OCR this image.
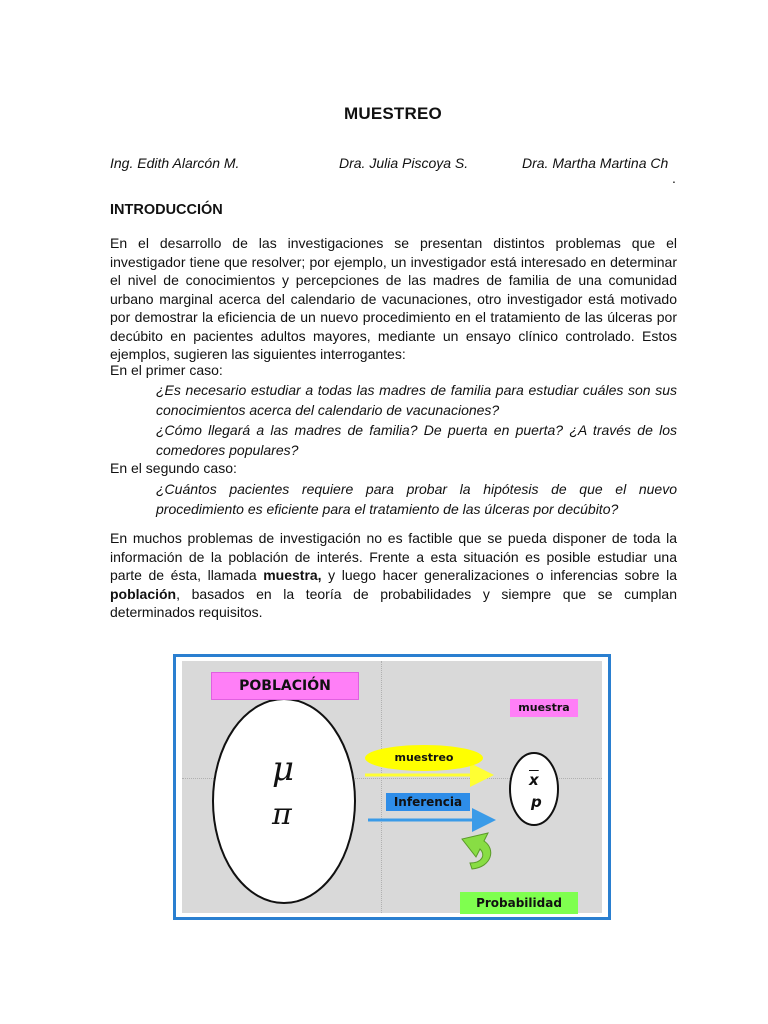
MUESTREO
Ing. Edith Alarcón M.	Dra. Julia Piscoya S.	Dra. Martha Martina Ch
.
INTRODUCCIÓN

En el desarrollo de las investigaciones se presentan distintos problemas que el investigador tiene que resolver; por ejemplo, un investigador está interesado en determinar el nivel de conocimientos y percepciones de las madres de familia de una comunidad urbano marginal acerca del calendario de vacunaciones, otro investigador está motivado por demostrar la eficiencia de un nuevo procedimiento en el tratamiento de las úlceras por decúbito en pacientes adultos mayores, mediante un ensayo clínico controlado. Estos ejemplos, sugieren las siguientes interrogantes:

En el primer caso:

¿Es necesario estudiar a todas las madres de familia para estudiar cuáles son sus conocimientos acerca del calendario de vacunaciones?

¿Cómo llegará a las madres de familia? De puerta en puerta? ¿A través de los comedores populares?

En el segundo caso:

¿Cuántos pacientes requiere para probar la hipótesis de que el nuevo procedimiento es eficiente para el tratamiento de las úlceras por decúbito?

En muchos problemas de investigación no es factible que se pueda disponer de toda la información de la población de interés. Frente a esta situación es posible estudiar una parte de ésta, llamada muestra, y luego hacer generalizaciones o inferencias sobre la población, basados en la teoría de probabilidades y siempre que se cumplan determinados requisitos.

POBLACIÓN
muestra
muestreo
Inferencia
Probabilidad
μ
π
$\overline{x}$
p
